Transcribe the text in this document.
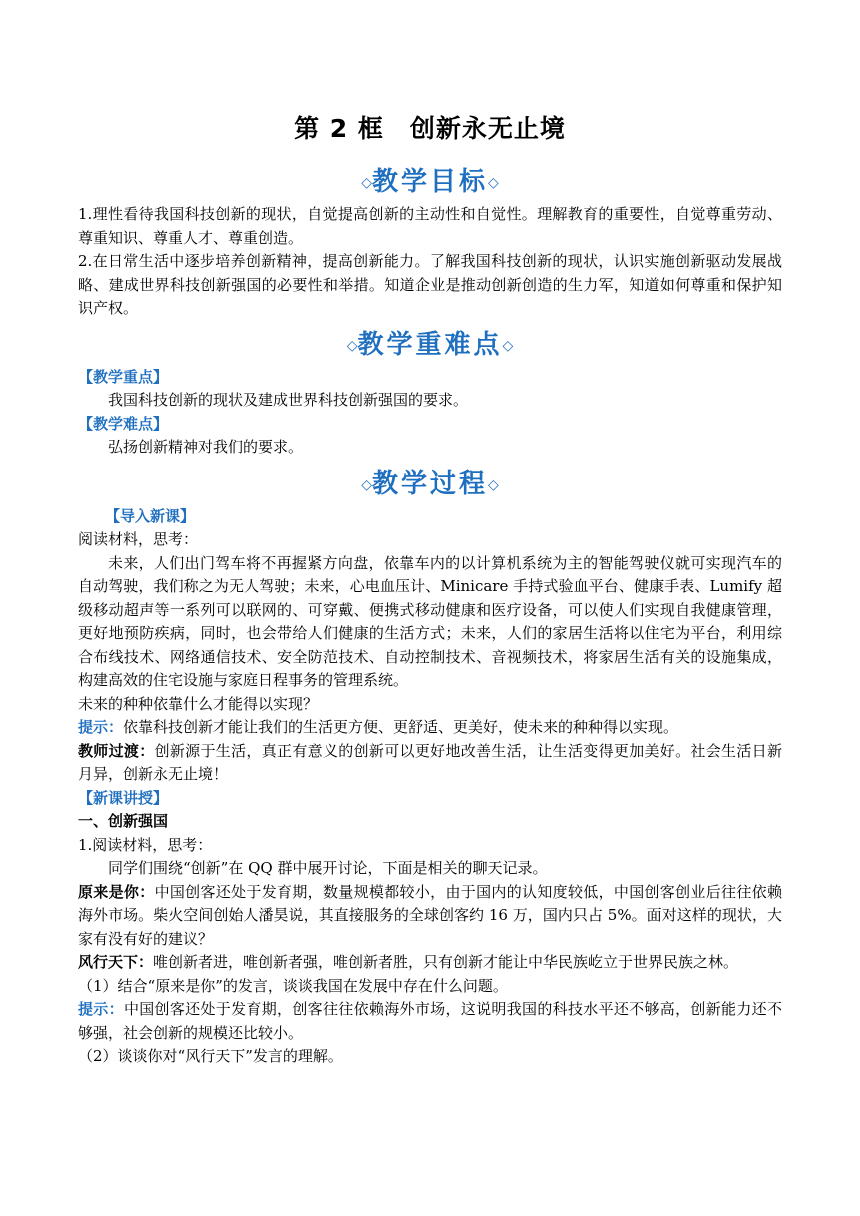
第 2 框　创新永无止境
◇教学目标◇

1.理性看待我国科技创新的现状，自觉提高创新的主动性和自觉性。理解教育的重要性，自觉尊重劳动、尊重知识、尊重人才、尊重创造。

2.在日常生活中逐步培养创新精神，提高创新能力。了解我国科技创新的现状，认识实施创新驱动发展战略、建成世界科技创新强国的必要性和举措。知道企业是推动创新创造的生力军，知道如何尊重和保护知识产权。

◇教学重难点◇
【教学重点】

我国科技创新的现状及建成世界科技创新强国的要求。

【教学难点】

弘扬创新精神对我们的要求。

◇教学过程◇
【导入新课】

阅读材料，思考：

未来，人们出门驾车将不再握紧方向盘，依靠车内的以计算机系统为主的智能驾驶仪就可实现汽车的自动驾驶，我们称之为无人驾驶；未来，心电血压计、Minicare 手持式验血平台、健康手表、Lumify 超级移动超声等一系列可以联网的、可穿戴、便携式移动健康和医疗设备，可以使人们实现自我健康管理，更好地预防疾病，同时，也会带给人们健康的生活方式；未来，人们的家居生活将以住宅为平台，利用综合布线技术、网络通信技术、安全防范技术、自动控制技术、音视频技术，将家居生活有关的设施集成，构建高效的住宅设施与家庭日程事务的管理系统。

未来的种种依靠什么才能得以实现？

提示：依靠科技创新才能让我们的生活更方便、更舒适、更美好，使未来的种种得以实现。

教师过渡：创新源于生活，真正有意义的创新可以更好地改善生活，让生活变得更加美好。社会生活日新月异，创新永无止境！

【新课讲授】
一、创新强国

1.阅读材料，思考：

同学们围绕“创新”在 QQ 群中展开讨论，下面是相关的聊天记录。

原来是你：中国创客还处于发育期，数量规模都较小，由于国内的认知度较低，中国创客创业后往往依赖海外市场。柴火空间创始人潘昊说，其直接服务的全球创客约 16 万，国内只占 5%。面对这样的现状，大家有没有好的建议？

风行天下：唯创新者进，唯创新者强，唯创新者胜，只有创新才能让中华民族屹立于世界民族之林。

（1）结合“原来是你”的发言，谈谈我国在发展中存在什么问题。

提示：中国创客还处于发育期，创客往往依赖海外市场，这说明我国的科技水平还不够高，创新能力还不够强，社会创新的规模还比较小。

（2）谈谈你对“风行天下”发言的理解。
